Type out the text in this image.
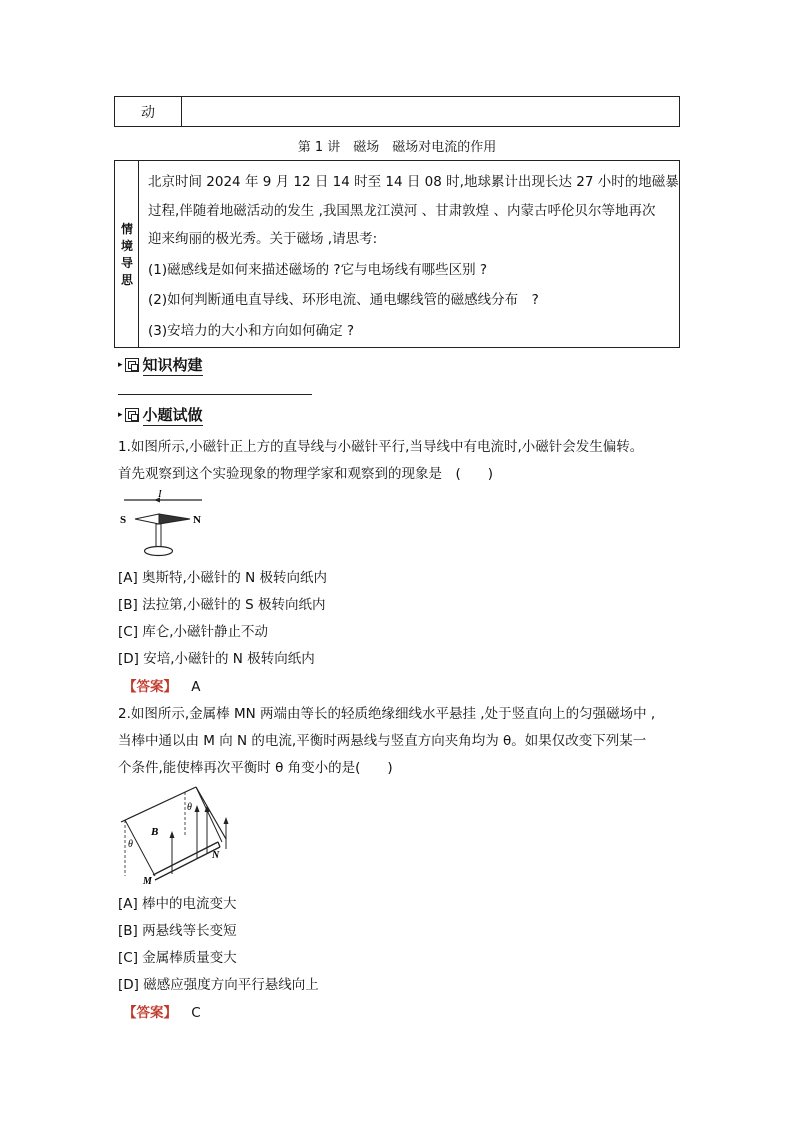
动
第 1 讲　磁场　磁场对电流的作用
情
境
导
思
北京时间 2024 年 9 月 12 日 14 时至 14 日 08 时,地球累计出现长达 27 小时的地磁暴
过程,伴随着地磁活动的发生 ,我国黑龙江漠河 、甘肃敦煌 、内蒙古呼伦贝尔等地再次
迎来绚丽的极光秀。关于磁场 ,请思考:
(1)磁感线是如何来描述磁场的 ?它与电场线有哪些区别 ?
(2)如何判断通电直导线、环形电流、通电螺线管的磁感线分布　?
(3)安培力的大小和方向如何确定 ?
▸ 知识构建
▸ 小题试做
1.如图所示,小磁针正上方的直导线与小磁针平行,当导线中有电流时,小磁针会发生偏转。
首先观察到这个实验现象的物理学家和观察到的现象是　(　　)
I
S	N
[A] 奥斯特,小磁针的 N 极转向纸内
[B] 法拉第,小磁针的 S 极转向纸内
[C] 库仑,小磁针静止不动
[D] 安培,小磁针的 N 极转向纸内
【答案】 A
2.如图所示,金属棒 MN 两端由等长的轻质绝缘细线水平悬挂 ,处于竖直向上的匀强磁场中 ,
当棒中通以由 M 向 N 的电流,平衡时两悬线与竖直方向夹角均为 θ。如果仅改变下列某一
个条件,能使棒再次平衡时 θ 角变小的是(　　)
θ
θ
B
M
N
[A] 棒中的电流变大
[B] 两悬线等长变短
[C] 金属棒质量变大
[D] 磁感应强度方向平行悬线向上
【答案】 C
